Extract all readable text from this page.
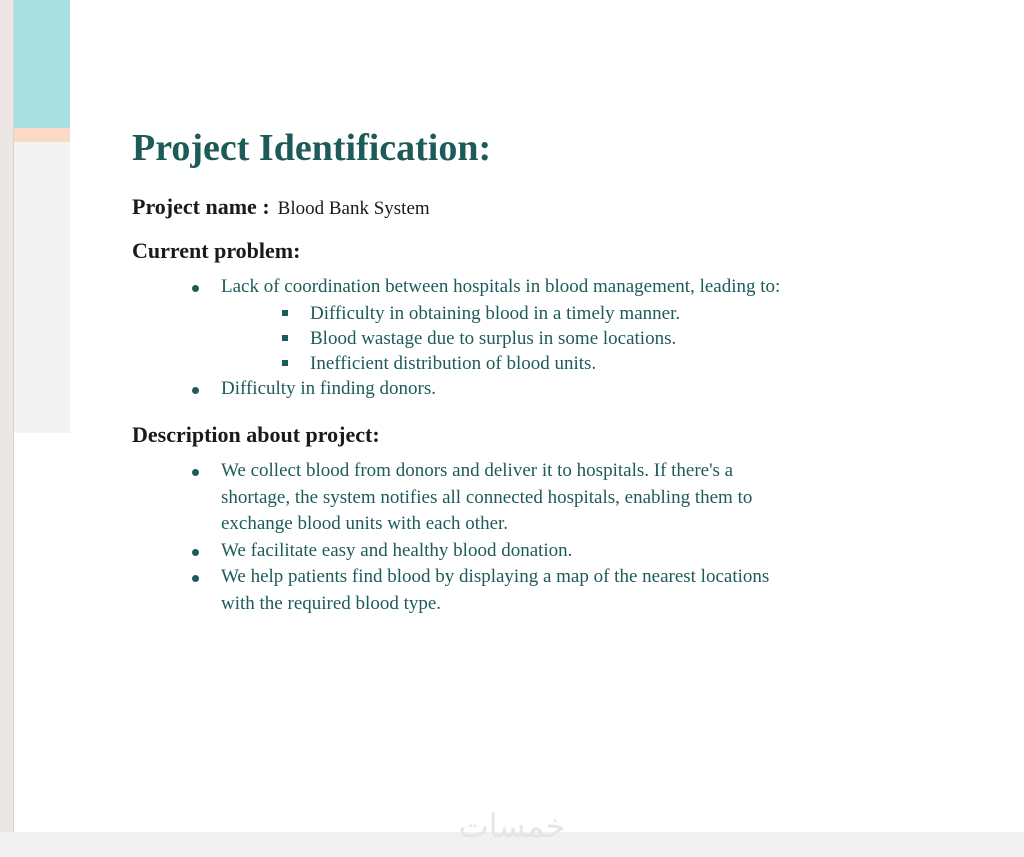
Project Identification:
Project name : Blood Bank System
Current problem:
Lack of coordination between hospitals in blood management, leading to:
Difficulty in obtaining blood in a timely manner.
Blood wastage due to surplus in some locations.
Inefficient distribution of blood units.
Difficulty in finding donors.
Description about project:
We collect blood from donors and deliver it to hospitals. If there's a shortage, the system notifies all connected hospitals, enabling them to exchange blood units with each other.
We facilitate easy and healthy blood donation.
We help patients find blood by displaying a map of the nearest locations with the required blood type.
خمسات
